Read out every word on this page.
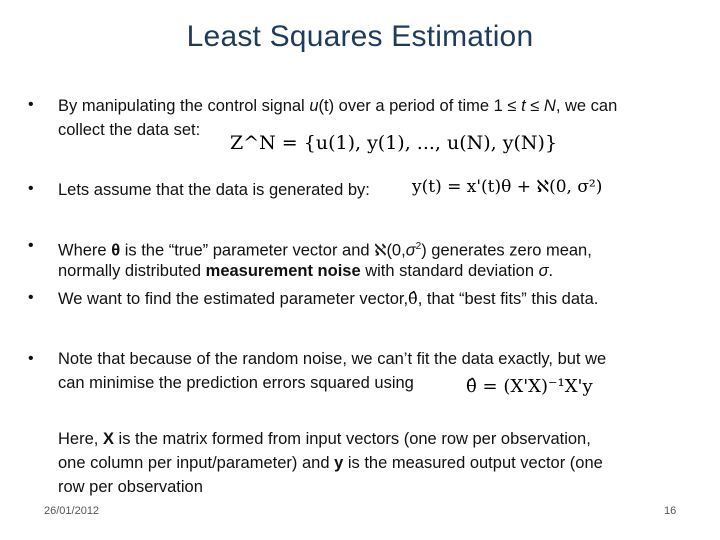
Least Squares Estimation
• By manipulating the control signal u(t) over a period of time 1 ≤ t ≤ N, we can
collect the data set:
Z^N = {u(1), y(1), ..., u(N), y(N)}
• Lets assume that the data is generated by: y(t) = x'(t)θ + ℵ(0, σ²)
• Where θ is the “true” parameter vector and $ℵ(0,\sigma^2)$ generates zero mean,
normally distributed measurement noise with standard deviation σ.
• We want to find the estimated parameter vector,θ̂, that “best fits” this data.
• Note that because of the random noise, we can’t fit the data exactly, but we
can minimise the prediction errors squared using	θ̂ = (X'X)⁻¹X'y
Here, X is the matrix formed from input vectors (one row per observation,
one column per input/parameter) and y is the measured output vector (one
row per observation
26/01/2012	16
